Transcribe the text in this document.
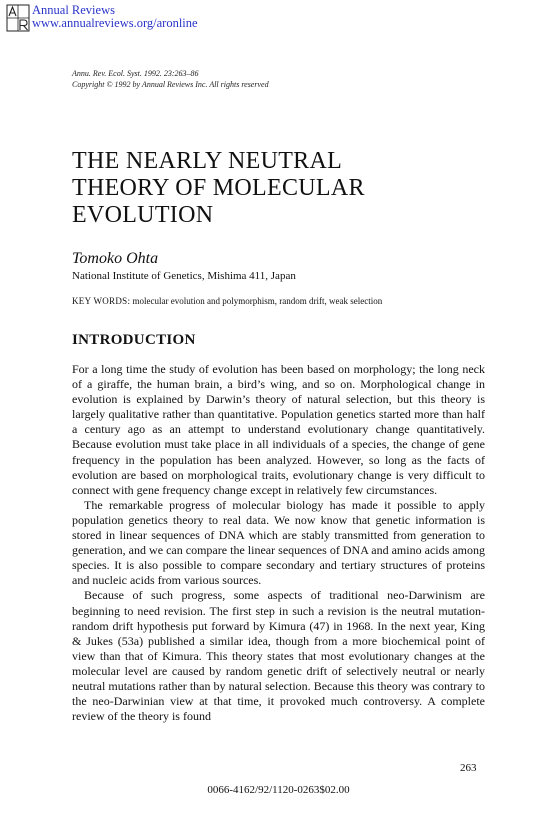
Annual Reviews
www.annualreviews.org/aronline
Annu. Rev. Ecol. Syst. 1992. 23:263–86
Copyright © 1992 by Annual Reviews Inc. All rights reserved
THE NEARLY NEUTRAL
THEORY OF MOLECULAR
EVOLUTION
Tomoko Ohta
National Institute of Genetics, Mishima 411, Japan
KEY WORDS: molecular evolution and polymorphism, random drift, weak selection
INTRODUCTION

For a long time the study of evolution has been based on morphology; the long neck of a giraffe, the human brain, a bird’s wing, and so on. Morphological change in evolution is explained by Darwin’s theory of natural selection, but this theory is largely qualitative rather than quantitative. Population genetics started more than half a century ago as an attempt to understand evolutionary change quantitatively. Because evolution must take place in all individuals of a species, the change of gene frequency in the population has been analyzed. However, so long as the facts of evolution are based on morphological traits, evolutionary change is very difficult to connect with gene frequency change except in relatively few circumstances.

The remarkable progress of molecular biology has made it possible to apply population genetics theory to real data. We now know that genetic information is stored in linear sequences of DNA which are stably transmitted from generation to generation, and we can compare the linear sequences of DNA and amino acids among species. It is also possible to compare secondary and tertiary structures of proteins and nucleic acids from various sources.

Because of such progress, some aspects of traditional neo-Darwinism are beginning to need revision. The first step in such a revision is the neutral mutation-random drift hypothesis put forward by Kimura (47) in 1968. In the next year, King & Jukes (53a) published a similar idea, though from a more biochemical point of view than that of Kimura. This theory states that most evolutionary changes at the molecular level are caused by random genetic drift of selectively neutral or nearly neutral mutations rather than by natural selection. Because this theory was contrary to the neo-Darwinian view at that time, it provoked much controversy. A complete review of the theory is found

263
0066-4162/92/1120-0263$02.00
